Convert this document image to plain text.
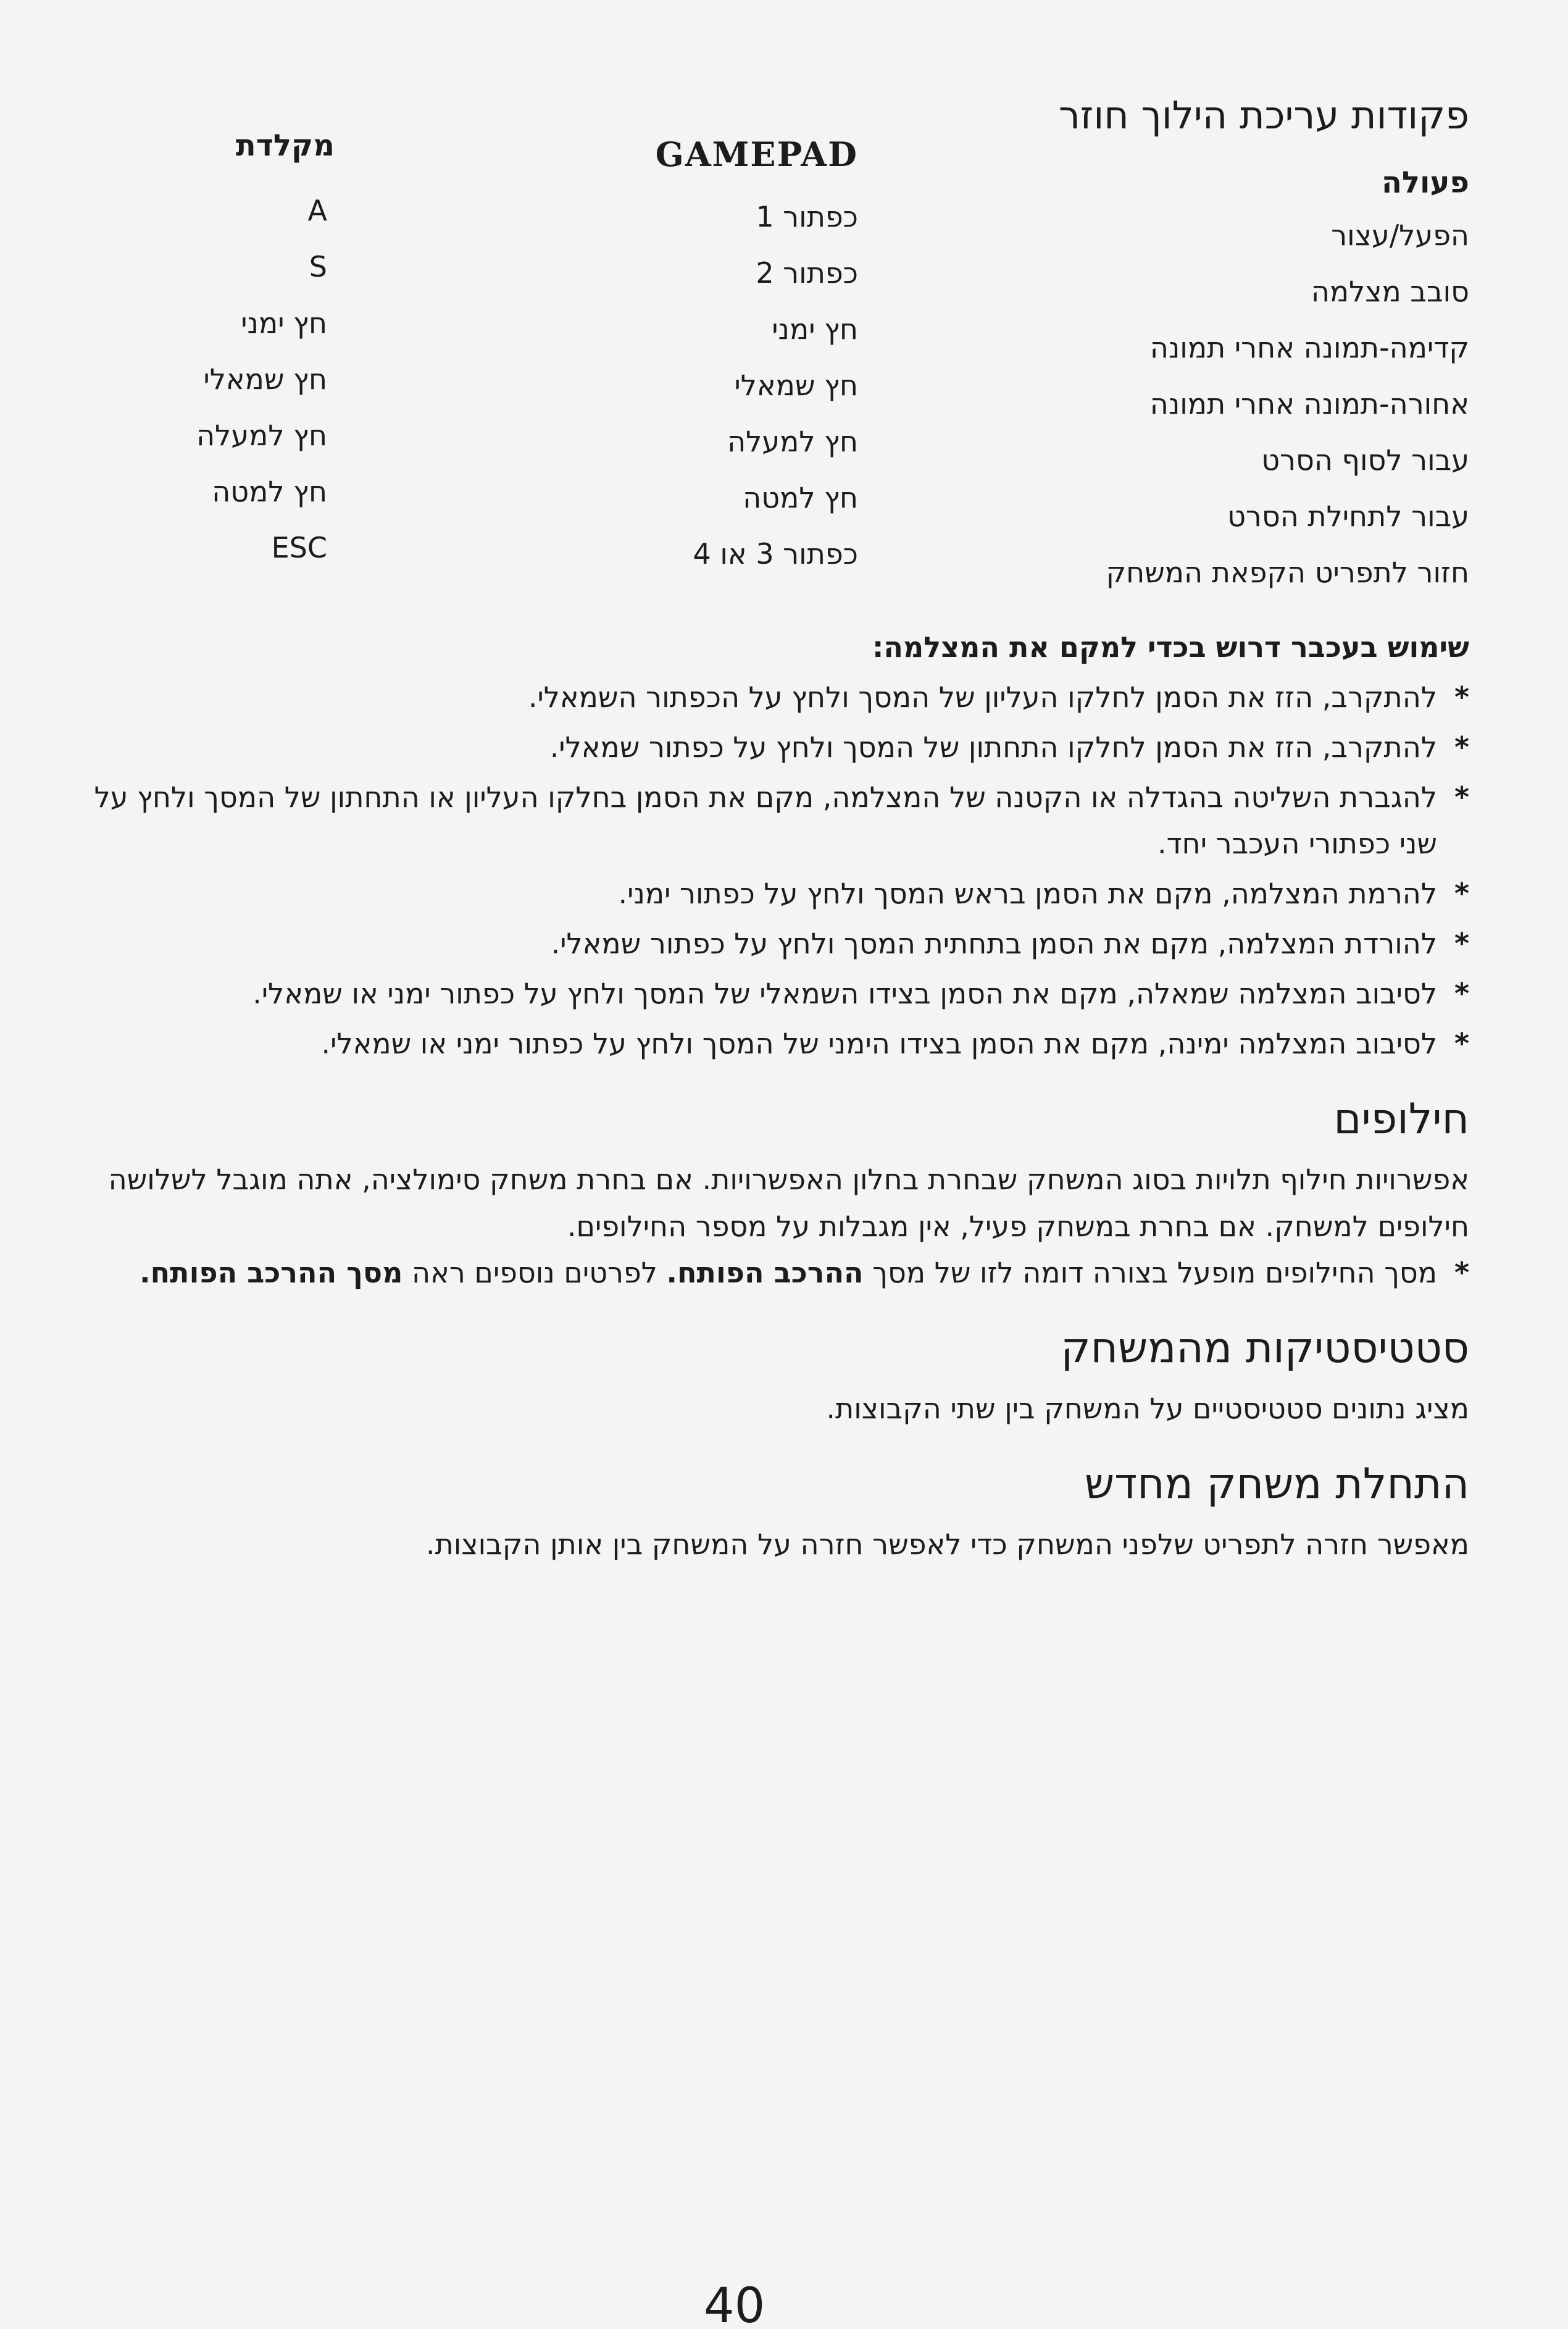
פקודות עריכת הילוך חוזר
פעולה
GAMEPAD
מקלדת
הפעל/עצור
סובב מצלמה
קדימה-תמונה אחרי תמונה
אחורה-תמונה אחרי תמונה
עבור לסוף הסרט
עבור לתחילת הסרט
חזור לתפריט הקפאת המשחק
כפתור 1
כפתור 2
חץ ימני
חץ שמאלי
חץ למעלה
חץ למטה
כפתור 3 או 4
A
S
חץ ימני
חץ שמאלי
חץ למעלה
חץ למטה
ESC
שימוש בעכבר דרוש בכדי למקם את המצלמה:
*
להתקרב, הזז את הסמן לחלקו העליון של המסך ולחץ על הכפתור השמאלי.
*
להתקרב, הזז את הסמן לחלקו התחתון של המסך ולחץ על כפתור שמאלי.
*
להגברת השליטה בהגדלה או הקטנה של המצלמה, מקם את הסמן בחלקו העליון או התחתון של המסך ולחץ על שני כפתורי העכבר יחד.
*
להרמת המצלמה, מקם את הסמן בראש המסך ולחץ על כפתור ימני.
*
להורדת המצלמה, מקם את הסמן בתחתית המסך ולחץ על כפתור שמאלי.
*
לסיבוב המצלמה שמאלה, מקם את הסמן בצידו השמאלי של המסך ולחץ על כפתור ימני או שמאלי.
*
לסיבוב המצלמה ימינה, מקם את הסמן בצידו הימני של המסך ולחץ על כפתור ימני או שמאלי.
חילופים

אפשרויות חילוף תלויות בסוג המשחק שבחרת בחלון האפשרויות. אם בחרת משחק סימולציה, אתה מוגבל לשלושה חילופים למשחק. אם בחרת במשחק פעיל, אין מגבלות על מספר החילופים.

*
מסך החילופים מופעל בצורה דומה לזו של מסך ההרכב הפותח. לפרטים נוספים ראה מסך ההרכב הפותח.
סטטיסטיקות מהמשחק

מציג נתונים סטטיסטיים על המשחק בין שתי הקבוצות.

התחלת משחק מחדש

מאפשר חזרה לתפריט שלפני המשחק כדי לאפשר חזרה על המשחק בין אותן הקבוצות.

40
